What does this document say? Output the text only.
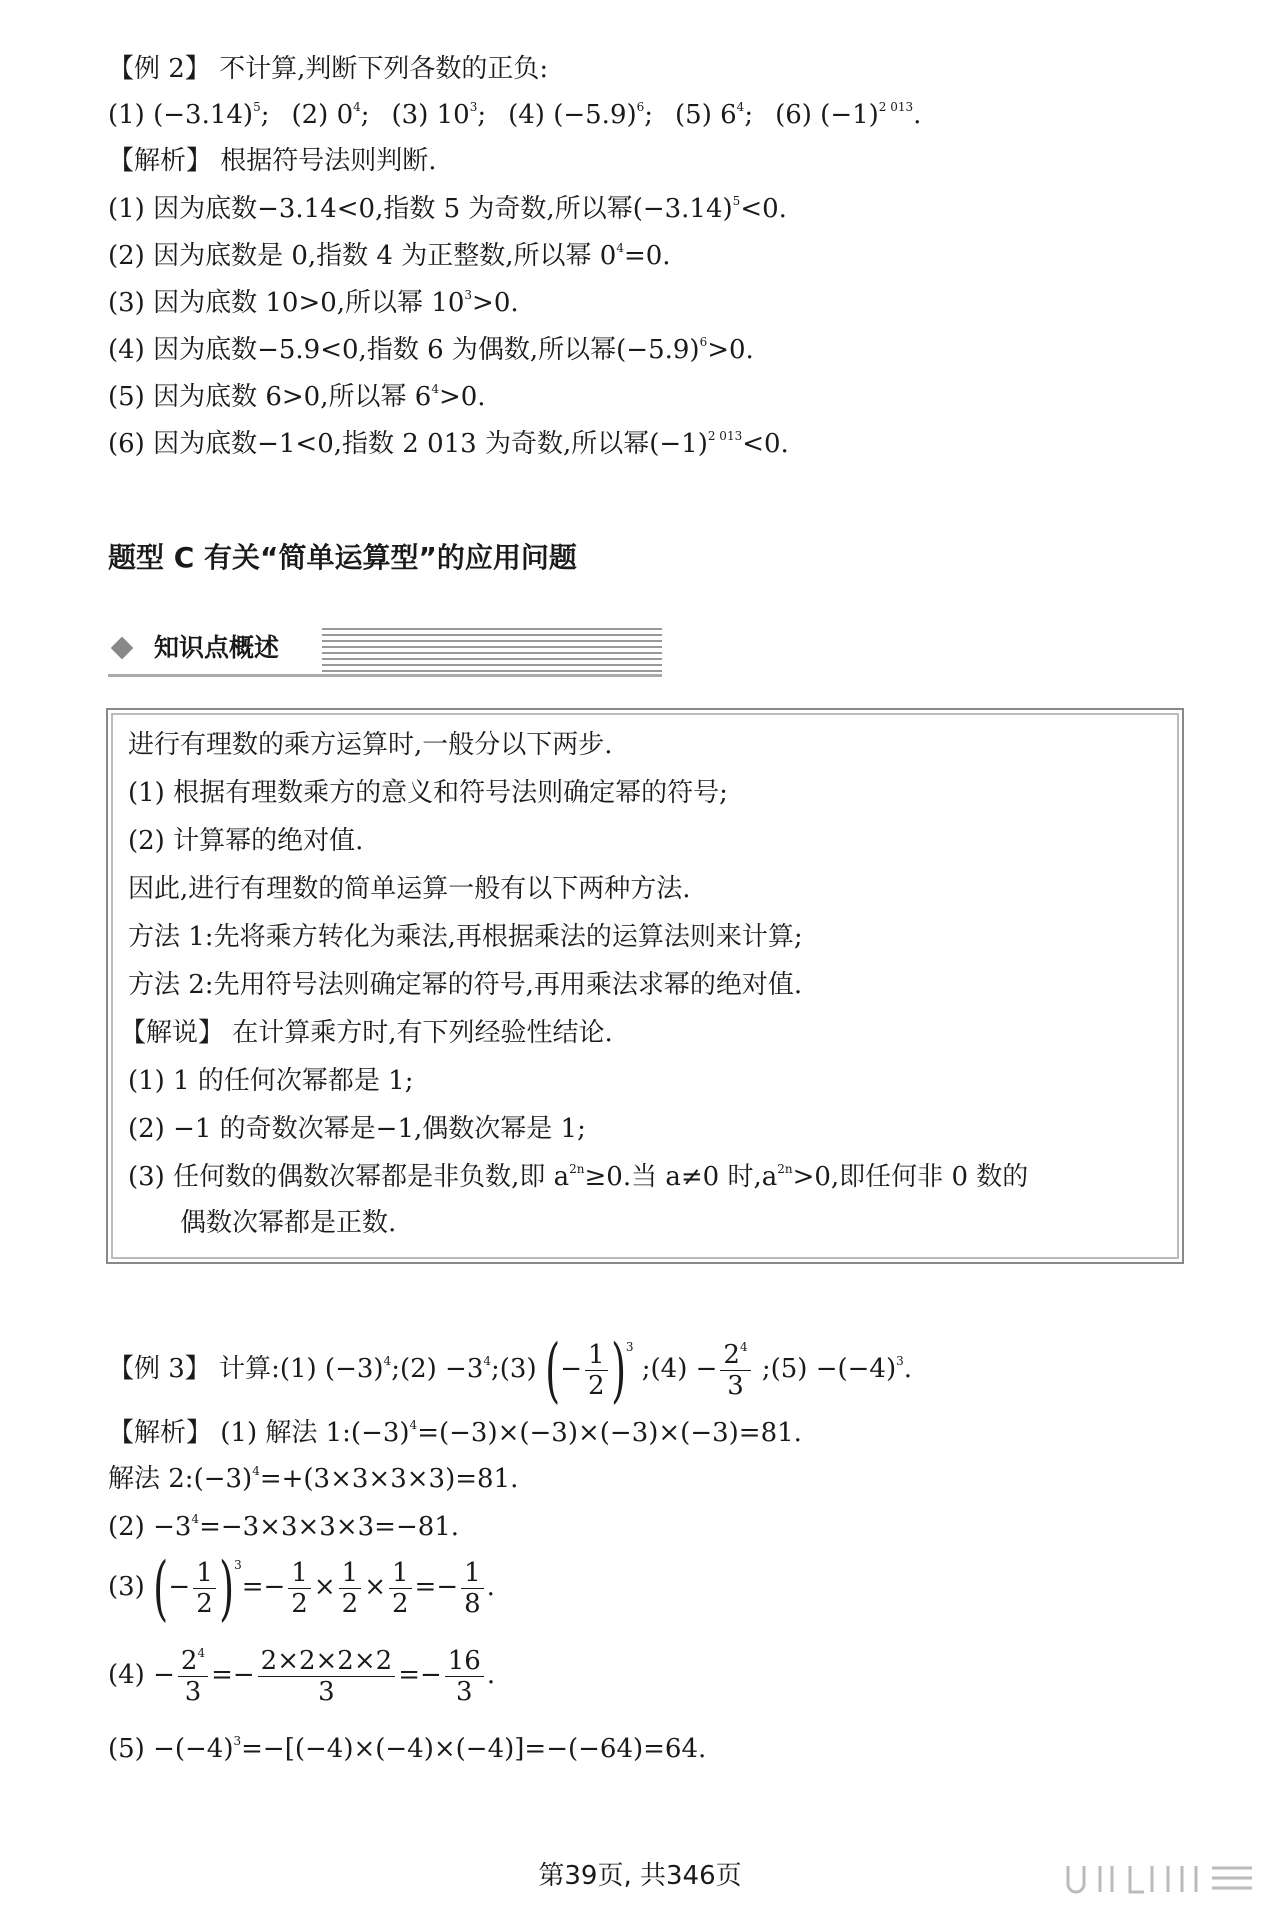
【例 2】 不计算,判断下列各数的正负:
(1) $(-3.14)^5$; (2) $0^4$; (3) $10^3$; (4) $(-5.9)^6$; (5) $6^4$; (6) $(-1)^{2 013}$.
【解析】 根据符号法则判断.
(1) 因为底数−3.14<0,指数 5 为奇数,所以幂$(-3.14)^5<0$.
(2) 因为底数是 0,指数 4 为正整数,所以幂 $0^4=0$.
(3) 因为底数 10>0,所以幂 $10^3>0$.
(4) 因为底数−5.9<0,指数 6 为偶数,所以幂$(-5.9)^6>0$.
(5) 因为底数 6>0,所以幂 $6^4>0$.
(6) 因为底数−1<0,指数 2 013 为奇数,所以幂$(-1)^{2 013}<0$.
题型 C 有关“简单运算型”的应用问题
知识点概述
进行有理数的乘方运算时,一般分以下两步.
(1) 根据有理数乘方的意义和符号法则确定幂的符号;
(2) 计算幂的绝对值.
因此,进行有理数的简单运算一般有以下两种方法.
方法 1:先将乘方转化为乘法,再根据乘法的运算法则来计算;
方法 2:先用符号法则确定幂的符号,再用乘法求幂的绝对值.
【解说】 在计算乘方时,有下列经验性结论.
(1) 1 的任何次幂都是 1;
(2) −1 的奇数次幂是−1,偶数次幂是 1;
(3) 任何数的偶数次幂都是非负数,即 $a^{2n}\ge 0$.当 a≠0 时$,a^{2n}>0$,即任何非 0 数的
偶数次幂都是正数.
【例 3】 计算:(1) $(-3)^4;(2)$ $-3^4;(3)$ (− $\frac{1}{2} )^3$ ;(4) − $\frac{2^4}{3}$ ;(5) $-(-4)^3$.
【解析】 (1) 解法 $1:(-3)^4=(-3)\times(-3)\times(-3)\times(-3)=81$.
解法 $2:(-3)^4=+(3\times 3\times 3\times 3)=81$.
$(2) -3^4=-3\times 3\times 3\times 3=-81$.
(3) (− $\frac{1}{2} )^3=- \frac{1}{2} \times \frac{1}{2} \times \frac{1}{2} =- \frac{1}{8}$ .
$(4) - \frac{2^4}{3} =- \frac{2\times 2\times 2\times 2}{3} =- \frac{16}{3}$ .
$(5) -(-4)^3=-[(-4)\times(-4)\times(-4)]=-(-64)=64$.
第39页, 共346页
